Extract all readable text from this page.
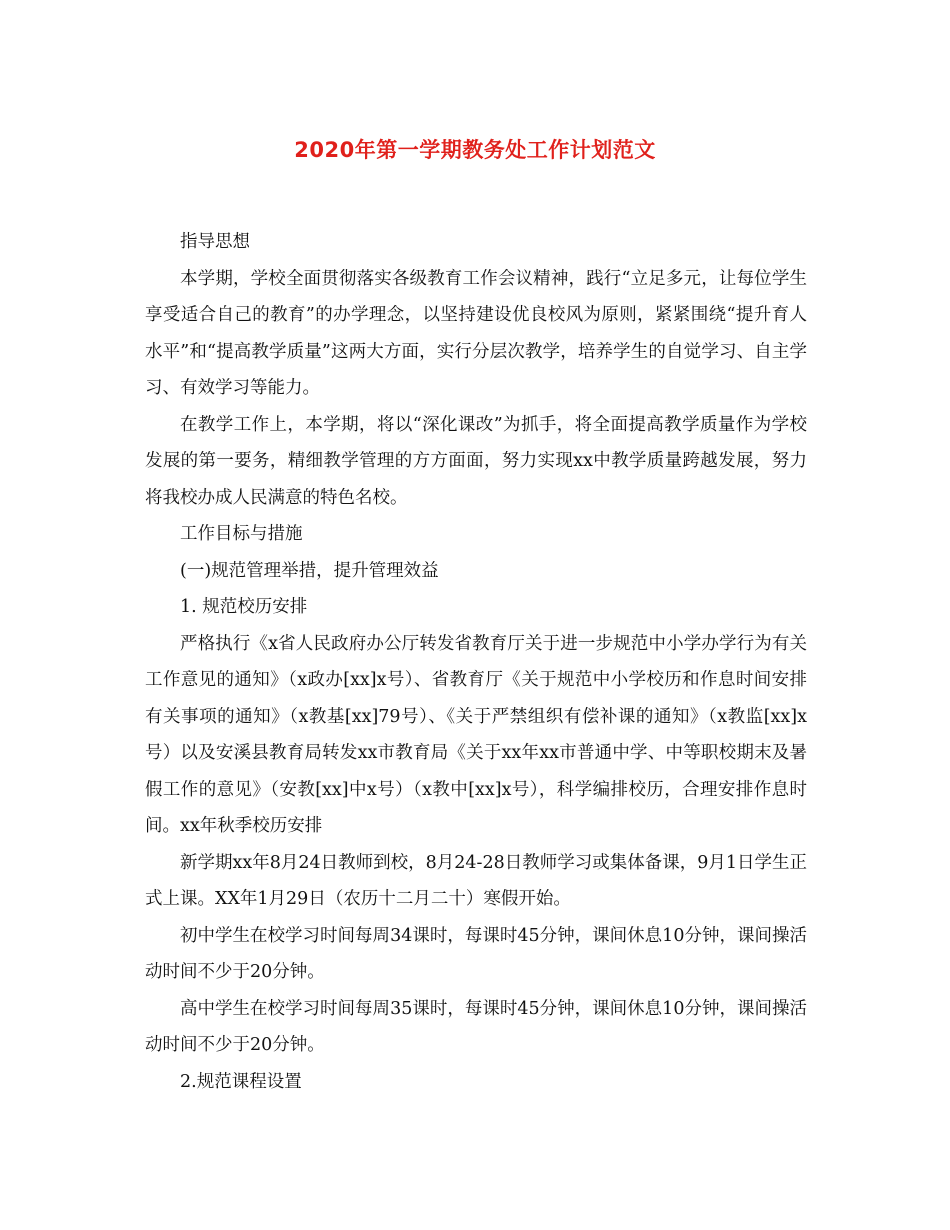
2020年第一学期教务处工作计划范文

指导思想

本学期，学校全面贯彻落实各级教育工作会议精神，践行“立足多元，让每位学生享受适合自己的教育”的办学理念，以坚持建设优良校风为原则，紧紧围绕“提升育人水平”和“提高教学质量”这两大方面，实行分层次教学，培养学生的自觉学习、自主学习、有效学习等能力。

在教学工作上，本学期，将以“深化课改”为抓手，将全面提高教学质量作为学校发展的第一要务，精细教学管理的方方面面，努力实现xx中教学质量跨越发展，努力将我校办成人民满意的特色名校。

工作目标与措施

(一)规范管理举措，提升管理效益

1. 规范校历安排

严格执行《x省人民政府办公厅转发省教育厅关于进一步规范中小学办学行为有关工作意见的通知》（x政办[xx]x号）、省教育厅《关于规范中小学校历和作息时间安排有关事项的通知》（x教基[xx]79号）、《关于严禁组织有偿补课的通知》（x教监[xx]x号）以及安溪县教育局转发xx市教育局《关于xx年xx市普通中学、中等职校期末及暑假工作的意见》（安教[xx]中x号）（x教中[xx]x号），科学编排校历，合理安排作息时间。xx年秋季校历安排

新学期xx年8月24日教师到校，8月24-28日教师学习或集体备课，9月1日学生正式上课。XX年1月29日（农历十二月二十）寒假开始。

初中学生在校学习时间每周34课时，每课时45分钟，课间休息10分钟，课间操活动时间不少于20分钟。

高中学生在校学习时间每周35课时，每课时45分钟，课间休息10分钟，课间操活动时间不少于20分钟。

2.规范课程设置
